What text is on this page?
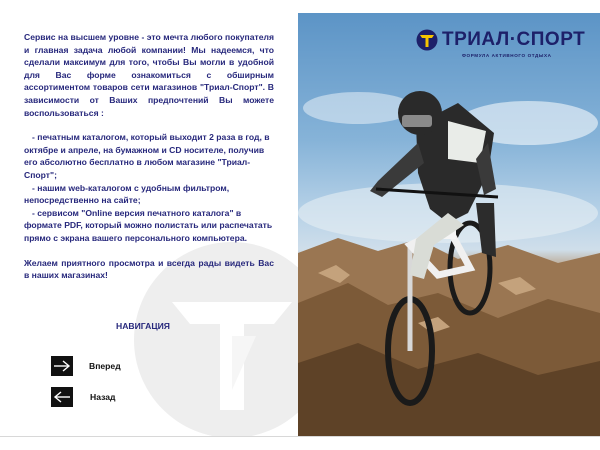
Сервис на высшем уровне - это мечта любого покупателя и главная задача любой компании! Мы надеемся, что сделали максимум для того, чтобы Вы могли в удобной для Вас форме ознакомиться с обширным ассортиментом товаров сети магазинов "Триал-Спорт". В зависимости от Ваших предпочтений Вы можете воспользоваться :

- печатным каталогом, который выходит 2 раза в год, в октябре и апреле, на бумажном и CD носителе, получив его абсолютно бесплатно в любом магазине "Триал-Спорт";
- нашим web-каталогом с удобным фильтром, непосредственно на сайте;
- сервисом "Online версия печатного каталога" в формате PDF, который можно полистать или распечатать прямо с экрана вашего персонального компьютера.

Желаем приятного просмотра и всегда рады видеть Вас в наших магазинах!

НАВИГАЦИЯ
Вперед
Назад
ТРИАЛ·СПОРТ
ФОРМУЛА АКТИВНОГО ОТДЫХА
